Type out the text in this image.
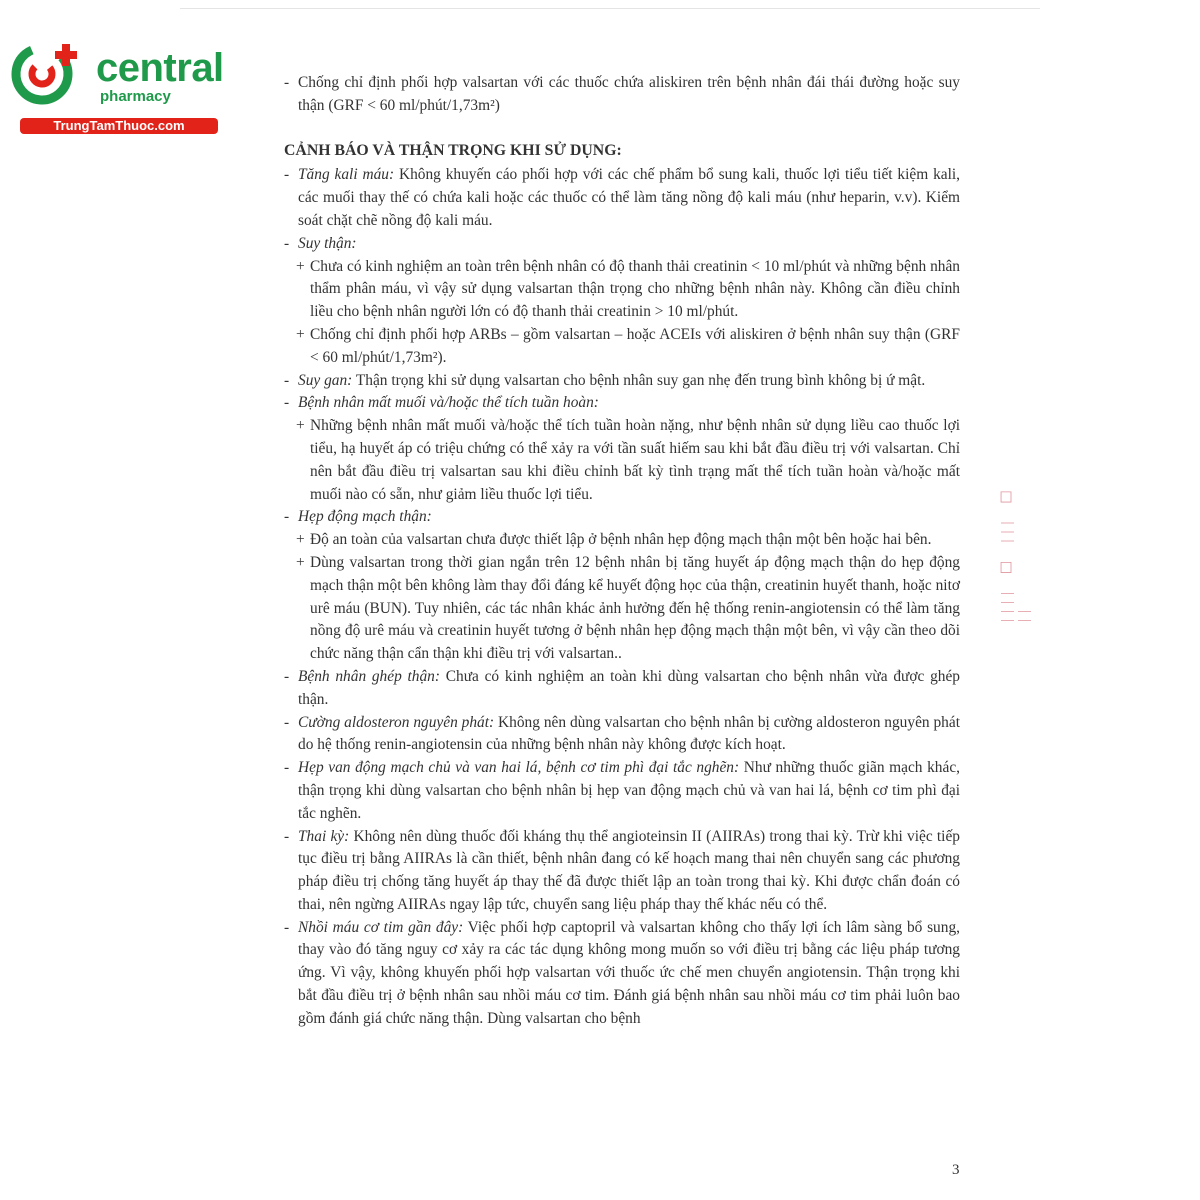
central
pharmacy
TrungTamThuoc.com

- Chống chỉ định phối hợp valsartan với các thuốc chứa aliskiren trên bệnh nhân đái thái đường hoặc suy thận (GRF < 60 ml/phút/1,73m²)

CẢNH BÁO VÀ THẬN TRỌNG KHI SỬ DỤNG:

- Tăng kali máu: Không khuyến cáo phối hợp với các chế phẩm bổ sung kali, thuốc lợi tiểu tiết kiệm kali, các muối thay thế có chứa kali hoặc các thuốc có thể làm tăng nồng độ kali máu (như heparin, v.v). Kiểm soát chặt chẽ nồng độ kali máu.

- Suy thận:

+ Chưa có kinh nghiệm an toàn trên bệnh nhân có độ thanh thải creatinin < 10 ml/phút và những bệnh nhân thẩm phân máu, vì vậy sử dụng valsartan thận trọng cho những bệnh nhân này. Không cần điều chỉnh liều cho bệnh nhân người lớn có độ thanh thải creatinin > 10 ml/phút.

+ Chống chỉ định phối hợp ARBs – gồm valsartan – hoặc ACEIs với aliskiren ở bệnh nhân suy thận (GRF < 60 ml/phút/1,73m²).

- Suy gan: Thận trọng khi sử dụng valsartan cho bệnh nhân suy gan nhẹ đến trung bình không bị ứ mật.

- Bệnh nhân mất muối và/hoặc thể tích tuần hoàn:

+ Những bệnh nhân mất muối và/hoặc thể tích tuần hoàn nặng, như bệnh nhân sử dụng liều cao thuốc lợi tiểu, hạ huyết áp có triệu chứng có thể xảy ra với tần suất hiếm sau khi bắt đầu điều trị với valsartan. Chỉ nên bắt đầu điều trị valsartan sau khi điều chỉnh bất kỳ tình trạng mất thể tích tuần hoàn và/hoặc mất muối nào có sẵn, như giảm liều thuốc lợi tiểu.

- Hẹp động mạch thận:

+ Độ an toàn của valsartan chưa được thiết lập ở bệnh nhân hẹp động mạch thận một bên hoặc hai bên.

+ Dùng valsartan trong thời gian ngắn trên 12 bệnh nhân bị tăng huyết áp động mạch thận do hẹp động mạch thận một bên không làm thay đổi đáng kể huyết động học của thận, creatinin huyết thanh, hoặc nitơ urê máu (BUN). Tuy nhiên, các tác nhân khác ảnh hưởng đến hệ thống renin-angiotensin có thể làm tăng nồng độ urê máu và creatinin huyết tương ở bệnh nhân hẹp động mạch thận một bên, vì vậy cần theo dõi chức năng thận cẩn thận khi điều trị với valsartan..

- Bệnh nhân ghép thận: Chưa có kinh nghiệm an toàn khi dùng valsartan cho bệnh nhân vừa được ghép thận.

- Cường aldosteron nguyên phát: Không nên dùng valsartan cho bệnh nhân bị cường aldosteron nguyên phát do hệ thống renin-angiotensin của những bệnh nhân này không được kích hoạt.

- Hẹp van động mạch chủ và van hai lá, bệnh cơ tim phì đại tắc nghẽn: Như những thuốc giãn mạch khác, thận trọng khi dùng valsartan cho bệnh nhân bị hẹp van động mạch chủ và van hai lá, bệnh cơ tim phì đại tắc nghẽn.

- Thai kỳ: Không nên dùng thuốc đối kháng thụ thể angioteinsin II (AIIRAs) trong thai kỳ. Trừ khi việc tiếp tục điều trị bằng AIIRAs là cần thiết, bệnh nhân đang có kế hoạch mang thai nên chuyển sang các phương pháp điều trị chống tăng huyết áp thay thế đã được thiết lập an toàn trong thai kỳ. Khi được chẩn đoán có thai, nên ngừng AIIRAs ngay lập tức, chuyển sang liệu pháp thay thế khác nếu có thể.

- Nhồi máu cơ tim gần đây: Việc phối hợp captopril và valsartan không cho thấy lợi ích lâm sàng bổ sung, thay vào đó tăng nguy cơ xảy ra các tác dụng không mong muốn so với điều trị bằng các liệu pháp tương ứng. Vì vậy, không khuyến phối hợp valsartan với thuốc ức chế men chuyển angiotensin. Thận trọng khi bắt đầu điều trị ở bệnh nhân sau nhồi máu cơ tim. Đánh giá bệnh nhân sau nhồi máu cơ tim phải luôn bao gồm đánh giá chức năng thận. Dùng valsartan cho bệnh

|||| ☐ ||| ☐ ||
3
